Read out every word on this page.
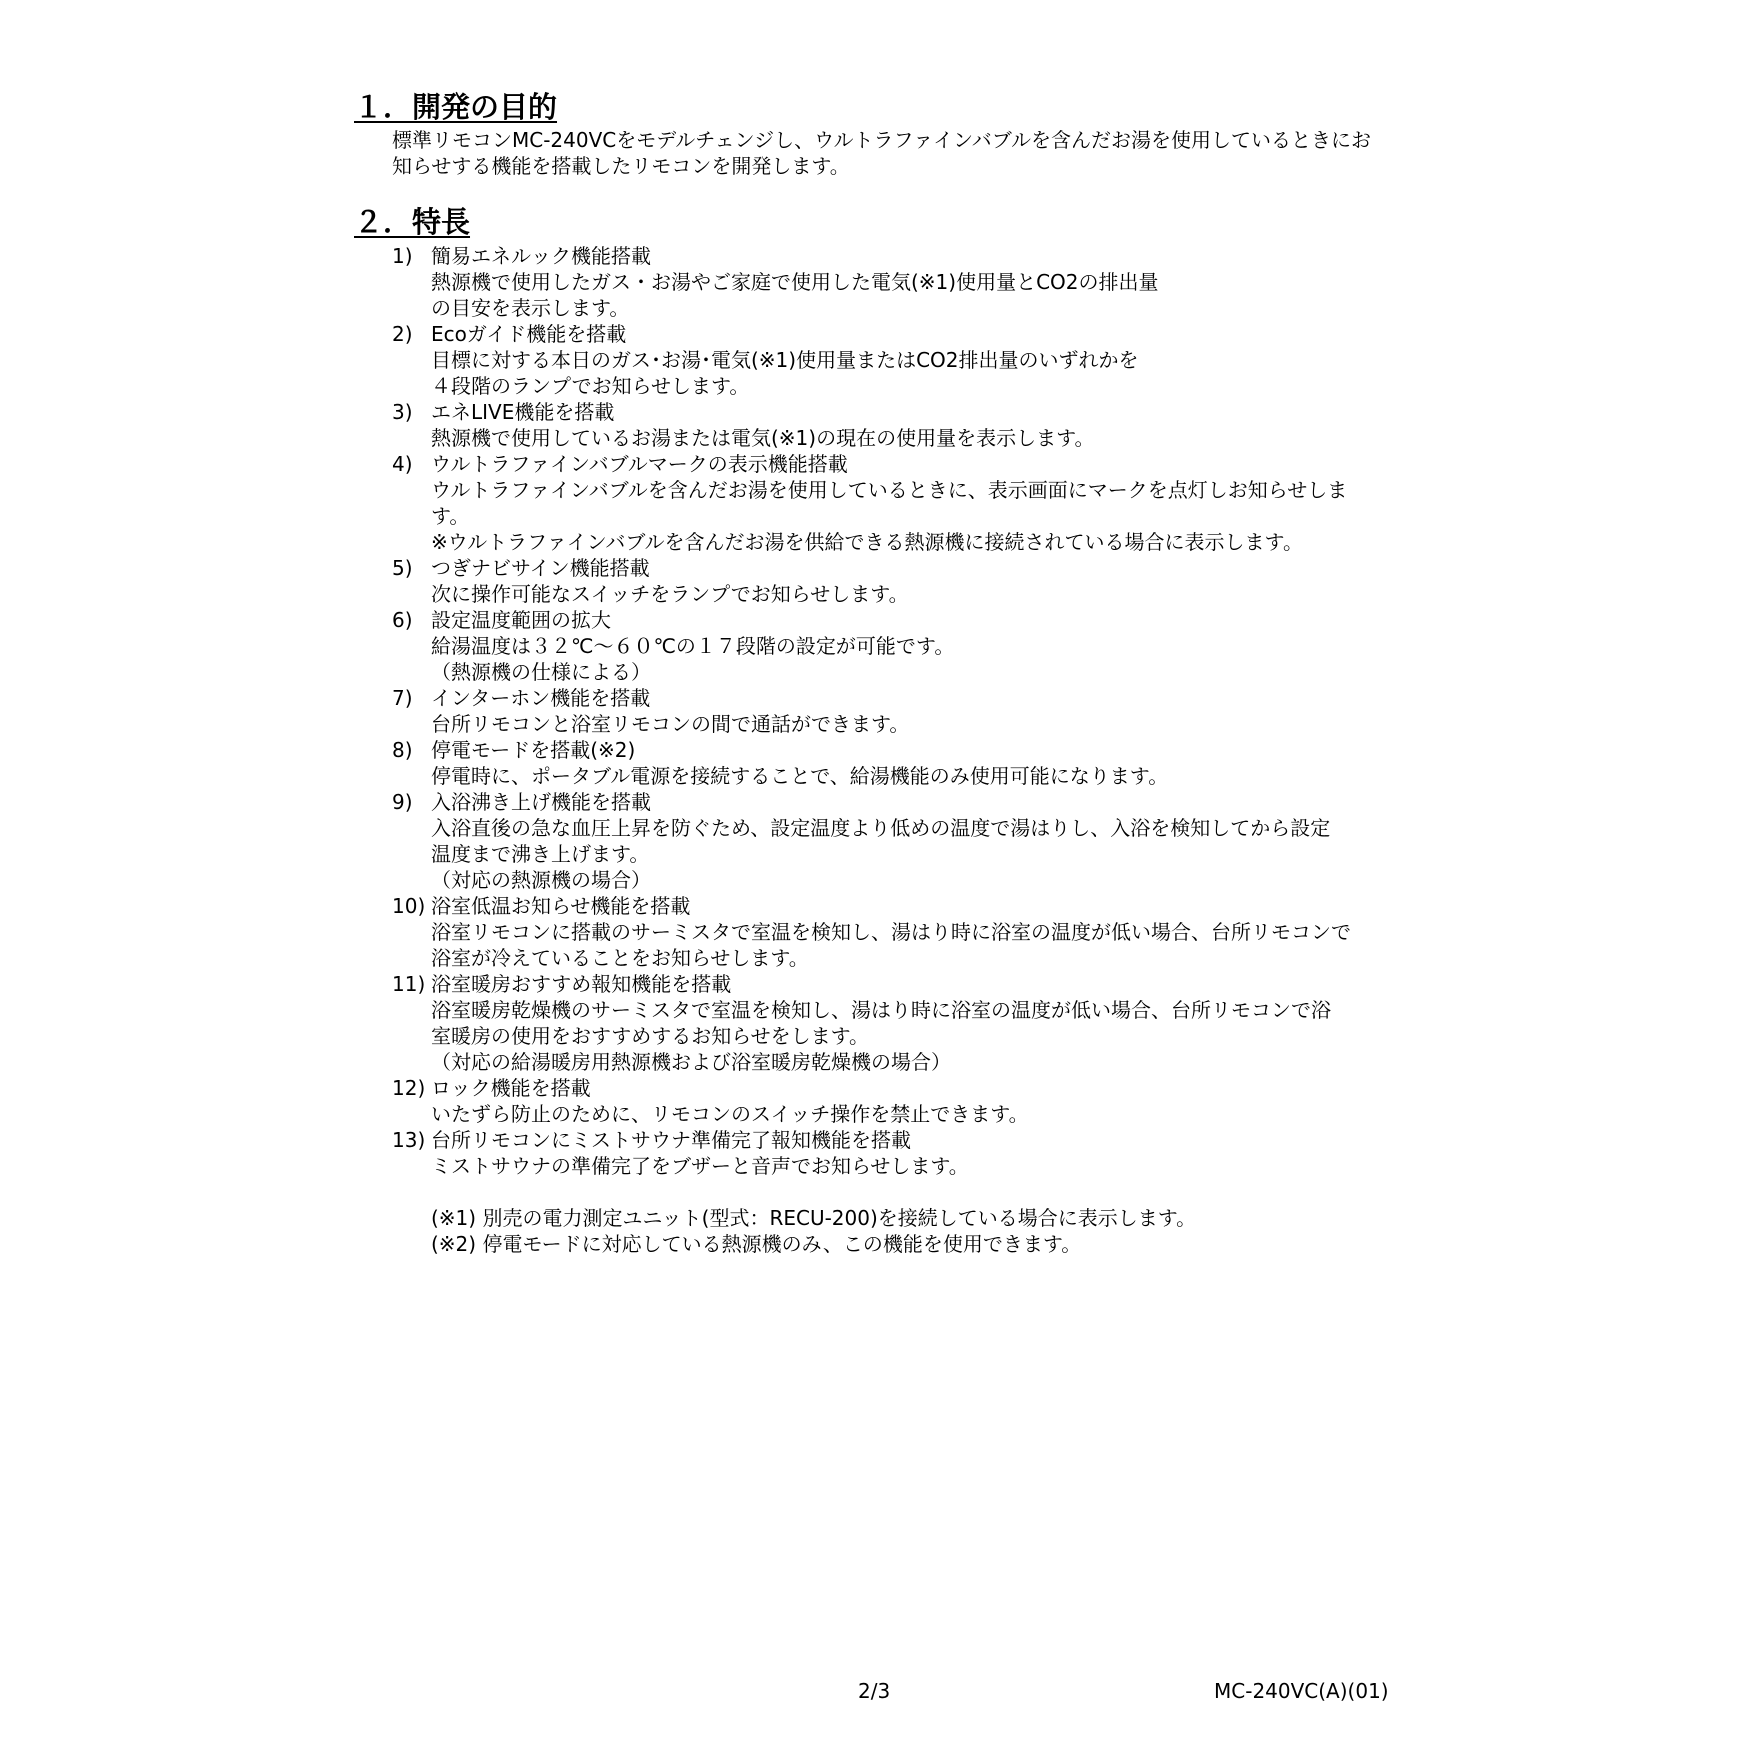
１．開発の目的
標準リモコンMC-240VCをモデルチェンジし、ウルトラファインバブルを含んだお湯を使用しているときにお
知らせする機能を搭載したリモコンを開発します。
２．特長
1) 簡易エネルック機能搭載
熱源機で使用したガス・お湯やご家庭で使用した電気(※1)使用量とCO2の排出量
の目安を表示します。
2) Ecoガイド機能を搭載
目標に対する本日のガス･お湯･電気(※1)使用量またはCO2排出量のいずれかを
４段階のランプでお知らせします。
3) エネLIVE機能を搭載
熱源機で使用しているお湯または電気(※1)の現在の使用量を表示します。
4) ウルトラファインバブルマークの表示機能搭載
ウルトラファインバブルを含んだお湯を使用しているときに、表示画面にマークを点灯しお知らせしま
す。
※ウルトラファインバブルを含んだお湯を供給できる熱源機に接続されている場合に表示します。
5) つぎナビサイン機能搭載
次に操作可能なスイッチをランプでお知らせします。
6) 設定温度範囲の拡大
給湯温度は３２℃～６０℃の１７段階の設定が可能です。
（熱源機の仕様による）
7) インターホン機能を搭載
台所リモコンと浴室リモコンの間で通話ができます。
8) 停電モードを搭載(※2)
停電時に、ポータブル電源を接続することで、給湯機能のみ使用可能になります。
9) 入浴沸き上げ機能を搭載
入浴直後の急な血圧上昇を防ぐため、設定温度より低めの温度で湯はりし、入浴を検知してから設定
温度まで沸き上げます。
（対応の熱源機の場合）
10) 浴室低温お知らせ機能を搭載
浴室リモコンに搭載のサーミスタで室温を検知し、湯はり時に浴室の温度が低い場合、台所リモコンで
浴室が冷えていることをお知らせします。
11) 浴室暖房おすすめ報知機能を搭載
浴室暖房乾燥機のサーミスタで室温を検知し、湯はり時に浴室の温度が低い場合、台所リモコンで浴
室暖房の使用をおすすめするお知らせをします。
（対応の給湯暖房用熱源機および浴室暖房乾燥機の場合）
12) ロック機能を搭載
いたずら防止のために、リモコンのスイッチ操作を禁止できます。
13) 台所リモコンにミストサウナ準備完了報知機能を搭載
ミストサウナの準備完了をブザーと音声でお知らせします。
(※1) 別売の電力測定ユニット(型式：RECU-200)を接続している場合に表示します。
(※2) 停電モードに対応している熱源機のみ、この機能を使用できます。
2/3	MC-240VC(A)(01)
